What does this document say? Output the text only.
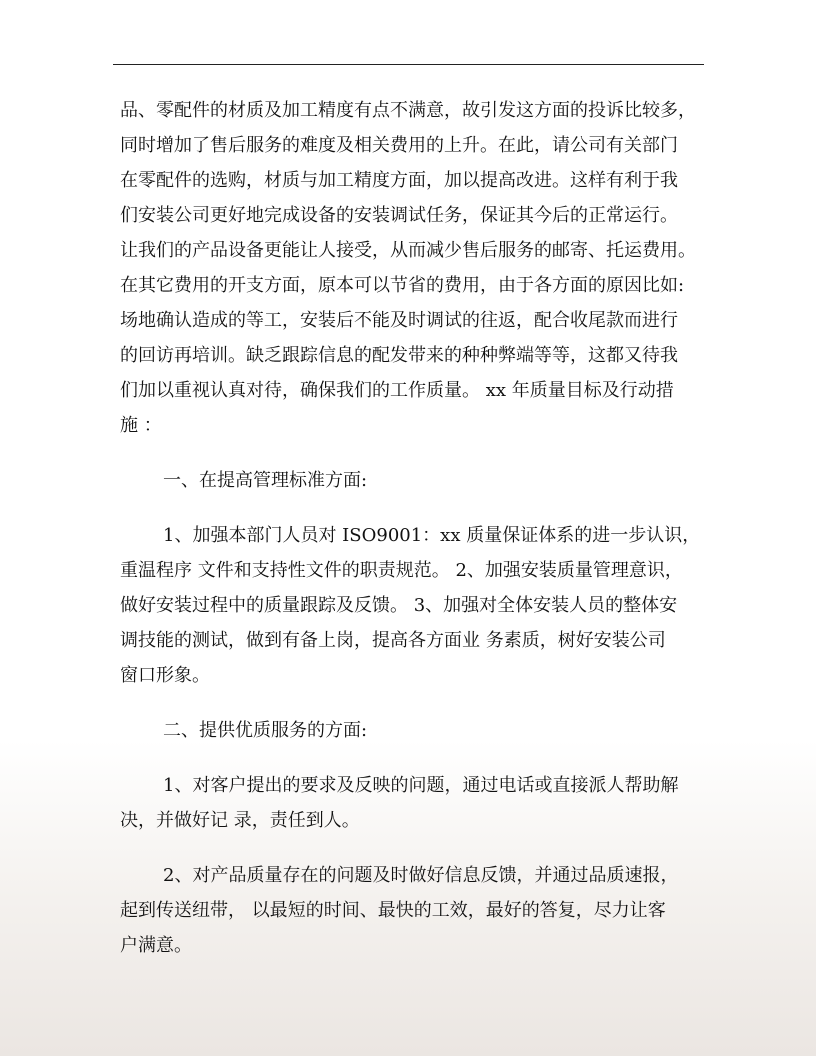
品、零配件的材质及加工精度有点不满意，故引发这方面的投诉比较多，
同时增加了售后服务的难度及相关费用的上升。在此，请公司有关部门
在零配件的选购，材质与加工精度方面，加以提高改进。这样有利于我
们安装公司更好地完成设备的安装调试任务，保证其今后的正常运行。
让我们的产品设备更能让人接受，从而减少售后服务的邮寄、托运费用。
在其它费用的开支方面，原本可以节省的费用，由于各方面的原因比如:
场地确认造成的等工，安装后不能及时调试的往返，配合收尾款而进行
的回访再培训。缺乏跟踪信息的配发带来的种种弊端等等，这都又待我
们加以重视认真对待，确保我们的工作质量。 xx 年质量目标及行动措
施 ：
一、在提高管理标准方面:
1、加强本部门人员对 ISO9001：xx 质量保证体系的进一步认识，
重温程序 文件和支持性文件的职责规范。 2、加强安装质量管理意识，
做好安装过程中的质量跟踪及反馈。 3、加强对全体安装人员的整体安
调技能的测试，做到有备上岗，提高各方面业 务素质，树好安装公司
窗口形象。
二、提供优质服务的方面:
1、对客户提出的要求及反映的问题，通过电话或直接派人帮助解
决，并做好记 录，责任到人。
2、对产品质量存在的问题及时做好信息反馈，并通过品质速报，
起到传送纽带， 以最短的时间、最快的工效，最好的答复，尽力让客
户满意。
